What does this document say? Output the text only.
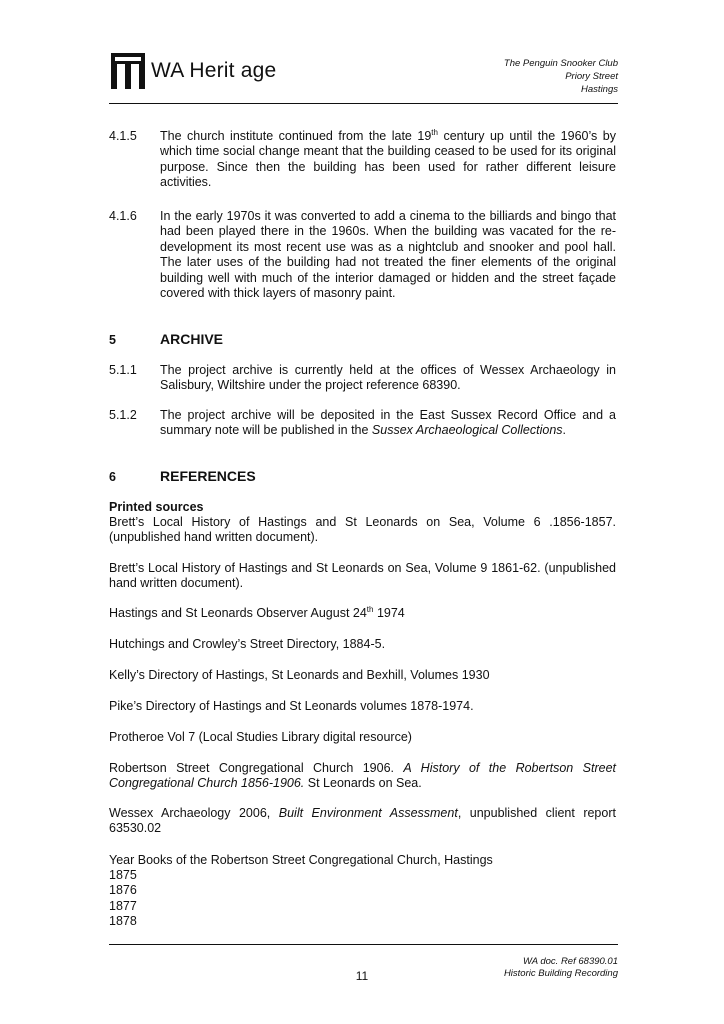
WA Herit age	The Penguin Snooker Club
Priory Street
Hastings
4.1.5	The church institute continued from the late 19th century up until the 1960’s by which time social change meant that the building ceased to be used for its original purpose. Since then the building has been used for rather different leisure activities.
4.1.6	In the early 1970s it was converted to add a cinema to the billiards and bingo that had been played there in the 1960s. When the building was vacated for the re-development its most recent use was as a nightclub and snooker and pool hall. The later uses of the building had not treated the finer elements of the original building well with much of the interior damaged or hidden and the street façade covered with thick layers of masonry paint.
5	ARCHIVE
5.1.1	The project archive is currently held at the offices of Wessex Archaeology in Salisbury, Wiltshire under the project reference 68390.
5.1.2	The project archive will be deposited in the East Sussex Record Office and a summary note will be published in the Sussex Archaeological Collections.
6	REFERENCES
Printed sources
Brett’s Local History of Hastings and St Leonards on Sea, Volume 6 .1856-1857. (unpublished hand written document).
Brett’s Local History of Hastings and St Leonards on Sea, Volume 9 1861-62. (unpublished hand written document).
Hastings and St Leonards Observer August 24th 1974
Hutchings and Crowley’s Street Directory, 1884-5.
Kelly’s Directory of Hastings, St Leonards and Bexhill, Volumes 1930
Pike’s Directory of Hastings and St Leonards volumes 1878-1974.
Protheroe Vol 7 (Local Studies Library digital resource)
Robertson Street Congregational Church 1906. A History of the Robertson Street Congregational Church 1856-1906. St Leonards on Sea.
Wessex Archaeology 2006, Built Environment Assessment, unpublished client report 63530.02
Year Books of the Robertson Street Congregational Church, Hastings
1875
1876
1877
1878
WA doc. Ref 68390.01
Historic Building Recording
11
